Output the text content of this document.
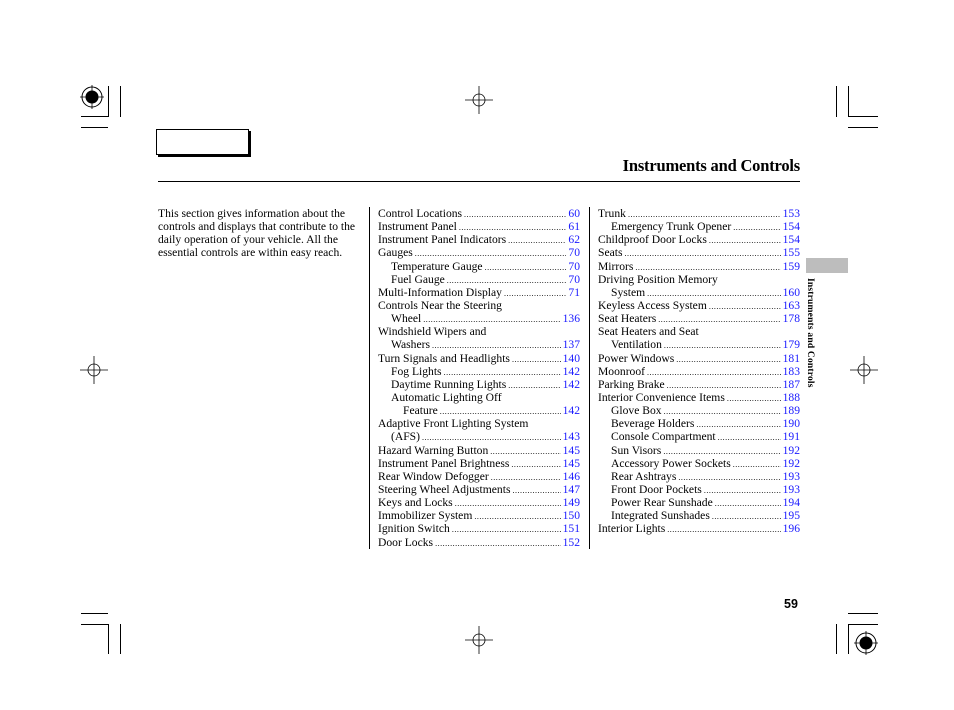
Instruments and Controls
This section gives information about the controls and displays that contribute to the daily operation of your vehicle. All the essential controls are within easy reach.
Control Locations .....	60
Instrument Panel .....	61
Instrument Panel Indicators .....	62
Gauges .....	70
Temperature Gauge .....	70
Fuel Gauge .....	70
Multi-Information Display .....	71
Controls Near the Steering
Wheel .....	136
Windshield Wipers and
Washers .....	137
Turn Signals and Headlights .....	140
Fog Lights .....	142
Daytime Running Lights .....	142
Automatic Lighting Off
Feature .....	142
Adaptive Front Lighting System
(AFS) .....	143
Hazard Warning Button .....	145
Instrument Panel Brightness .....	145
Rear Window Defogger .....	146
Steering Wheel Adjustments .....	147
Keys and Locks .....	149
Immobilizer System .....	150
Ignition Switch .....	151
Door Locks .....	152
Trunk .....	153
Emergency Trunk Opener .....	154
Childproof Door Locks .....	154
Seats .....	155
Mirrors .....	159
Driving Position Memory
System .....	160
Keyless Access System .....	163
Seat Heaters .....	178
Seat Heaters and Seat
Ventilation .....	179
Power Windows .....	181
Moonroof .....	183
Parking Brake .....	187
Interior Convenience Items .....	188
Glove Box .....	189
Beverage Holders .....	190
Console Compartment .....	191
Sun Visors .....	192
Accessory Power Sockets .....	192
Rear Ashtrays .....	193
Front Door Pockets .....	193
Power Rear Sunshade .....	194
Integrated Sunshades .....	195
Interior Lights .....	196
Instruments and Controls
59
